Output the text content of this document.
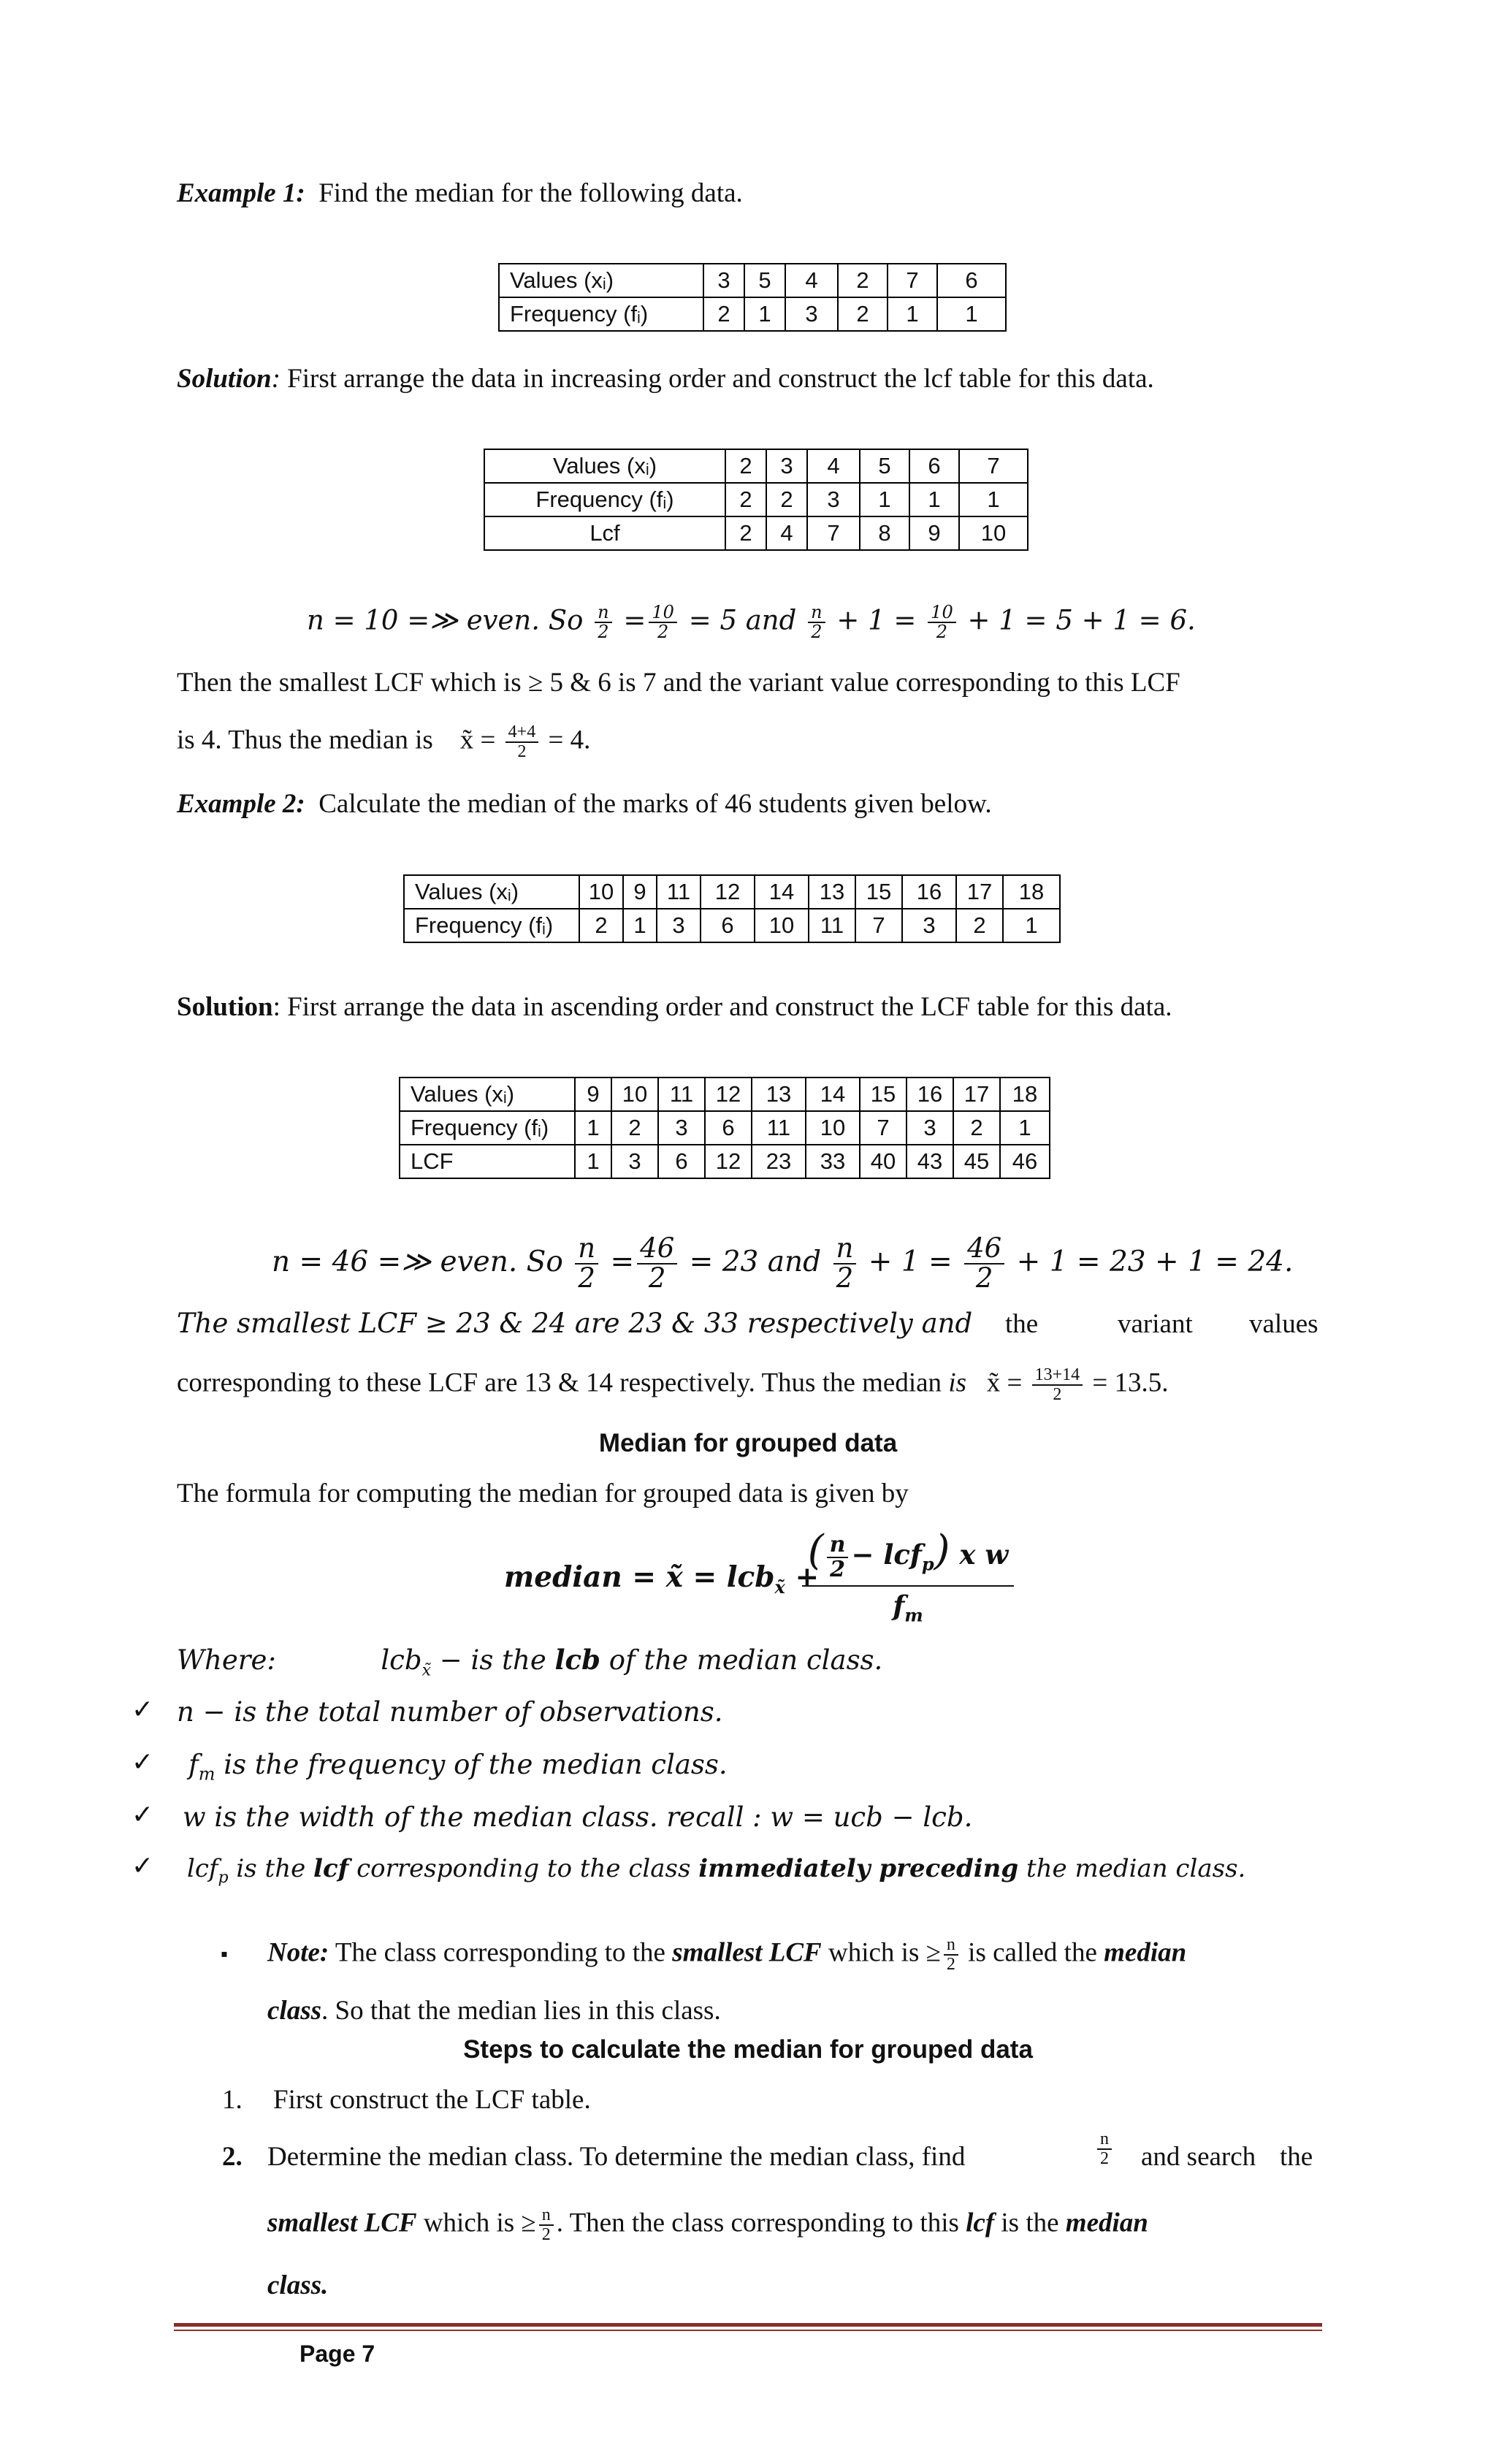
Example 1: Find the median for the following data.
Values (xᵢ)	3	5	4	2	7	6
Frequency (fᵢ)	2	1	3	2	1	1
Solution: First arrange the data in increasing order and construct the lcf table for this data.
Values (xᵢ)	2	3	4	5	6	7
Frequency (fᵢ)	2	2	3	1	1	1
Lcf	2	4	7	8	9	10
n = 10 =≫ even. So $\frac{n}{2} = \frac{10}{2} = 5$ and $\frac{n}{2} + 1 = \frac{10}{2} + 1 = 5 + 1 = 6$.
Then the smallest LCF which is ≥ 5 & 6 is 7 and the variant value corresponding to this LCF
is 4. Thus the median is x̃ = $\frac{4+4}{2} = 4$.
Example 2: Calculate the median of the marks of 46 students given below.
Values (xᵢ)	10	9	11	12	14	13	15	16	17	18
Frequency (fᵢ)	2	1	3	6	10	11	7	3	2	1
Solution: First arrange the data in ascending order and construct the LCF table for this data.
Values (xᵢ)	9	10	11	12	13	14	15	16	17	18
Frequency (fᵢ)	1	2	3	6	11	10	7	3	2	1
LCF	1	3	6	12	23	33	40	43	45	46
n = 46 =≫ even. So $\frac{n}{2} = \frac{46}{2} = 23$ and $\frac{n}{2} + 1 = \frac{46}{2} + 1 = 23 + 1 = 24$.
The smallest LCF ≥ 23 & 24 are 23 & 33 respectively and the	variant values
corresponding to these LCF are 13 & 14 respectively. Thus the median is x̃ = $\frac{13+14}{2} = 13.5$.
Median for grouped data
The formula for computing the median for grouped data is given by
median = x̃ = lcb$_{x̃}$ +
( $\frac{n}{2} - lcf_p$) x w
$f_m$
Where:	lcb$_{x̃}$ − is the lcb of the median class.
✓ n − is the total number of observations.
✓ $f_m$ is the frequency of the median class.
✓ w is the width of the median class. recall : w = ucb − lcb.
✓ lcf$_p$ is the lcf corresponding to the class immediately preceding the median class.
▪ Note: The class corresponding to the smallest LCF which is ≥ $\frac{n}{2}$ is called the median
class. So that the median lies in this class.
Steps to calculate the median for grouped data
1. First construct the LCF table.
2. Determine the median class. To determine the median class, find	$\frac{n}{2}$ and search the
smallest LCF which is ≥ $\frac{n}{2}$ . Then the class corresponding to this lcf is the median
class.
Page 7
